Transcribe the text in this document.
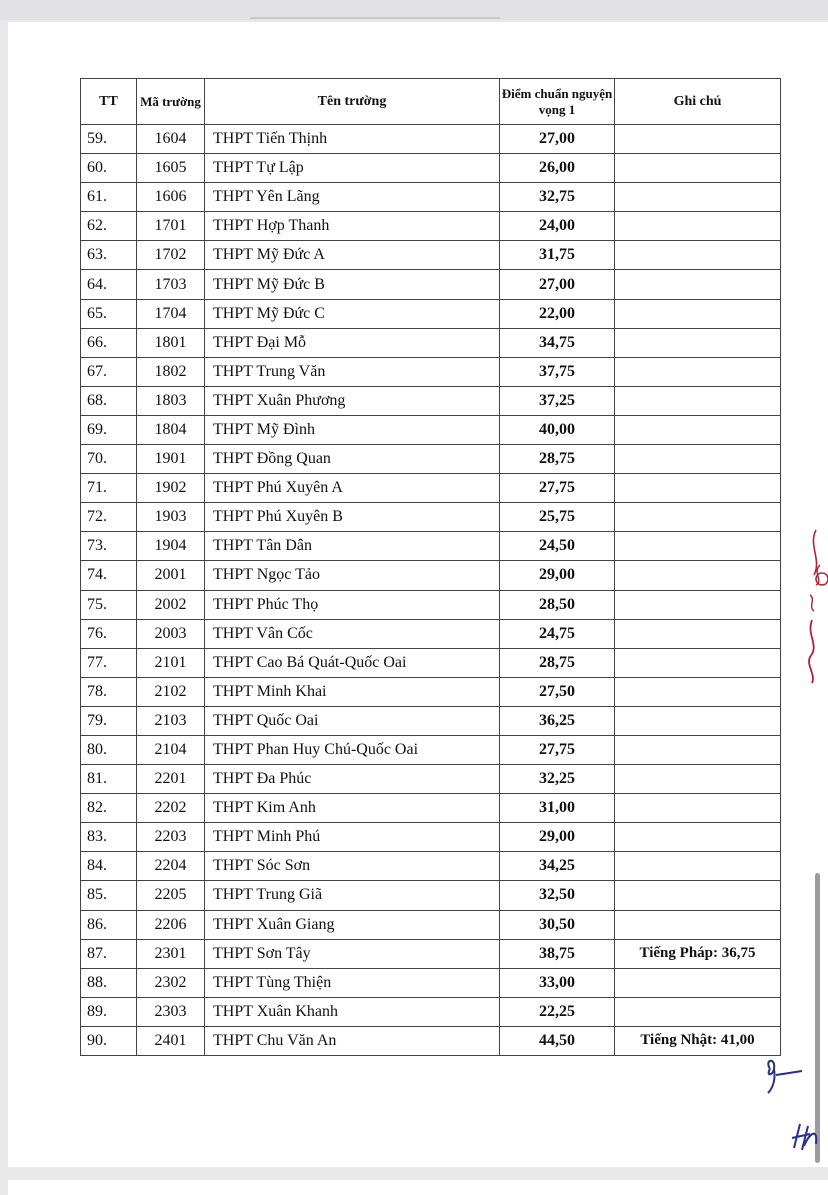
TT	Mã trường	Tên trường	Điểm chuẩn nguyện vọng 1	Ghi chú
59.	1604	THPT Tiến Thịnh	27,00	
60.	1605	THPT Tự Lập	26,00	
61.	1606	THPT Yên Lãng	32,75	
62.	1701	THPT Hợp Thanh	24,00	
63.	1702	THPT Mỹ Đức A	31,75	
64.	1703	THPT Mỹ Đức B	27,00	
65.	1704	THPT Mỹ Đức C	22,00	
66.	1801	THPT Đại Mỗ	34,75	
67.	1802	THPT Trung Văn	37,75	
68.	1803	THPT Xuân Phương	37,25	
69.	1804	THPT Mỹ Đình	40,00	
70.	1901	THPT Đồng Quan	28,75	
71.	1902	THPT Phú Xuyên A	27,75	
72.	1903	THPT Phú Xuyên B	25,75	
73.	1904	THPT Tân Dân	24,50	
74.	2001	THPT Ngọc Tảo	29,00	
75.	2002	THPT Phúc Thọ	28,50	
76.	2003	THPT Vân Cốc	24,75	
77.	2101	THPT Cao Bá Quát-Quốc Oai	28,75	
78.	2102	THPT Minh Khai	27,50	
79.	2103	THPT Quốc Oai	36,25	
80.	2104	THPT Phan Huy Chú-Quốc Oai	27,75	
81.	2201	THPT Đa Phúc	32,25	
82.	2202	THPT Kim Anh	31,00	
83.	2203	THPT Minh Phú	29,00	
84.	2204	THPT Sóc Sơn	34,25	
85.	2205	THPT Trung Giã	32,50	
86.	2206	THPT Xuân Giang	30,50	
87.	2301	THPT Sơn Tây	38,75	Tiếng Pháp: 36,75
88.	2302	THPT Tùng Thiện	33,00	
89.	2303	THPT Xuân Khanh	22,25	
90.	2401	THPT Chu Văn An	44,50	Tiếng Nhật: 41,00
